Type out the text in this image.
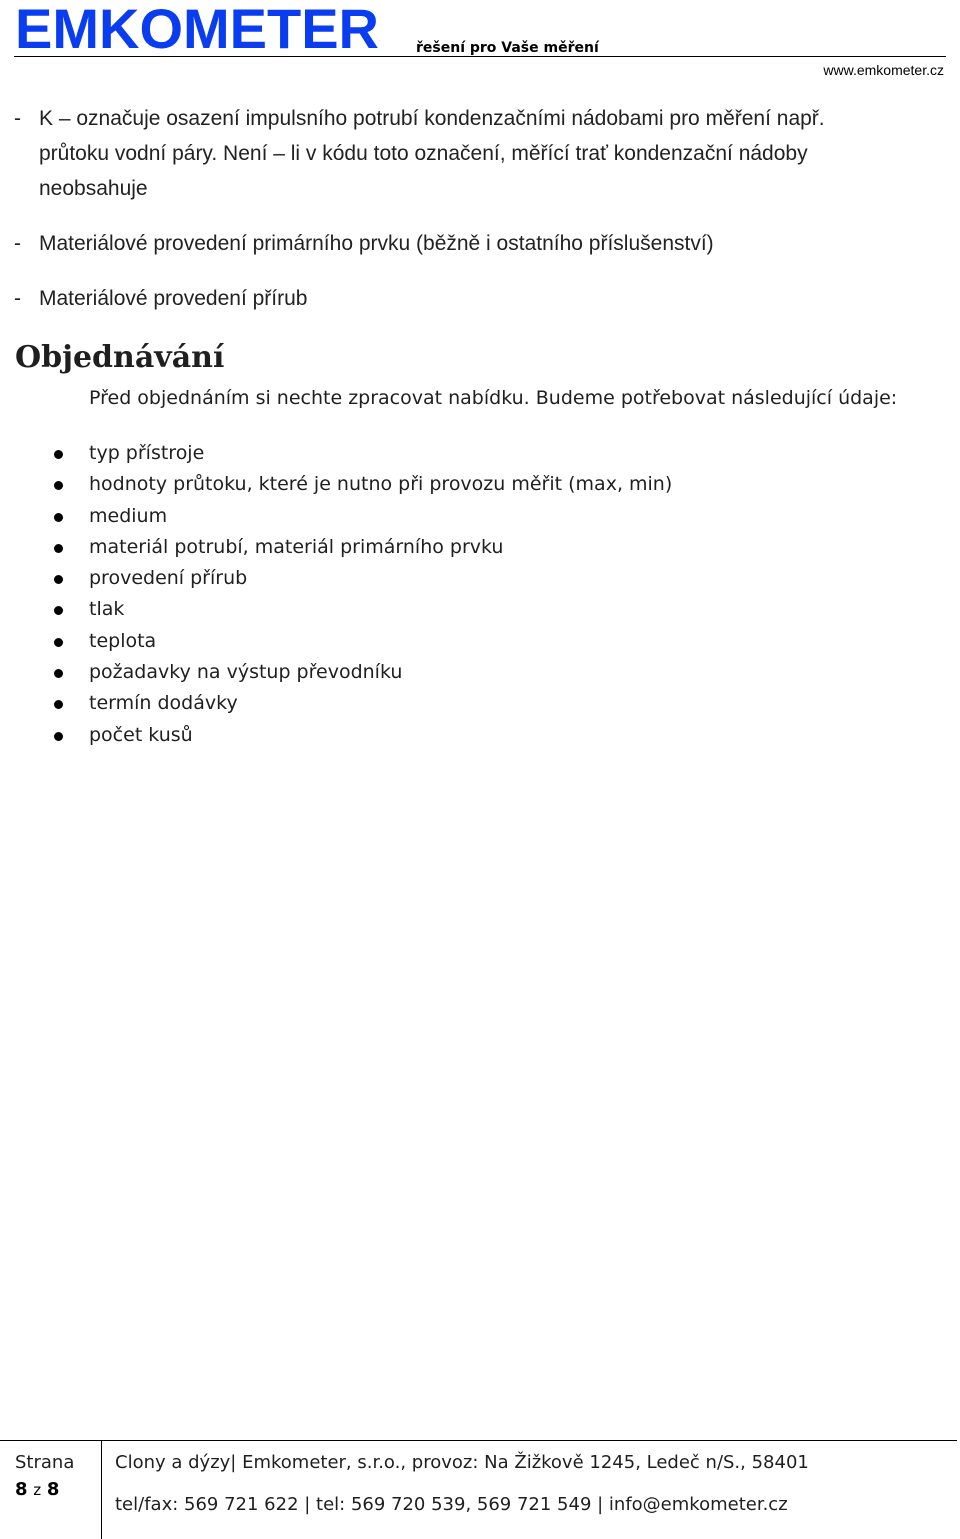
EMKOMETER	řešení pro Vaše měření
www.emkometer.cz
- K – označuje osazení impulsního potrubí kondenzačními nádobami pro měření např.
průtoku vodní páry. Není – li v kódu toto označení, měřící trať kondenzační nádoby
neobsahuje
- Materiálové provedení primárního prvku (běžně i ostatního příslušenství)
- Materiálové provedení přírub
Objednávání

Před objednáním si nechte zpracovat nabídku. Budeme potřebovat následující údaje:

typ přístroje
hodnoty průtoku, které je nutno při provozu měřit (max, min)
medium
materiál potrubí, materiál primárního prvku
provedení přírub
tlak
teplota
požadavky na výstup převodníku
termín dodávky
počet kusů
Strana
8 z 8
Clony a dýzy| Emkometer, s.r.o., provoz: Na Žižkově 1245, Ledeč n/S., 58401
tel/fax: 569 721 622 | tel: 569 720 539, 569 721 549 | info@emkometer.cz
